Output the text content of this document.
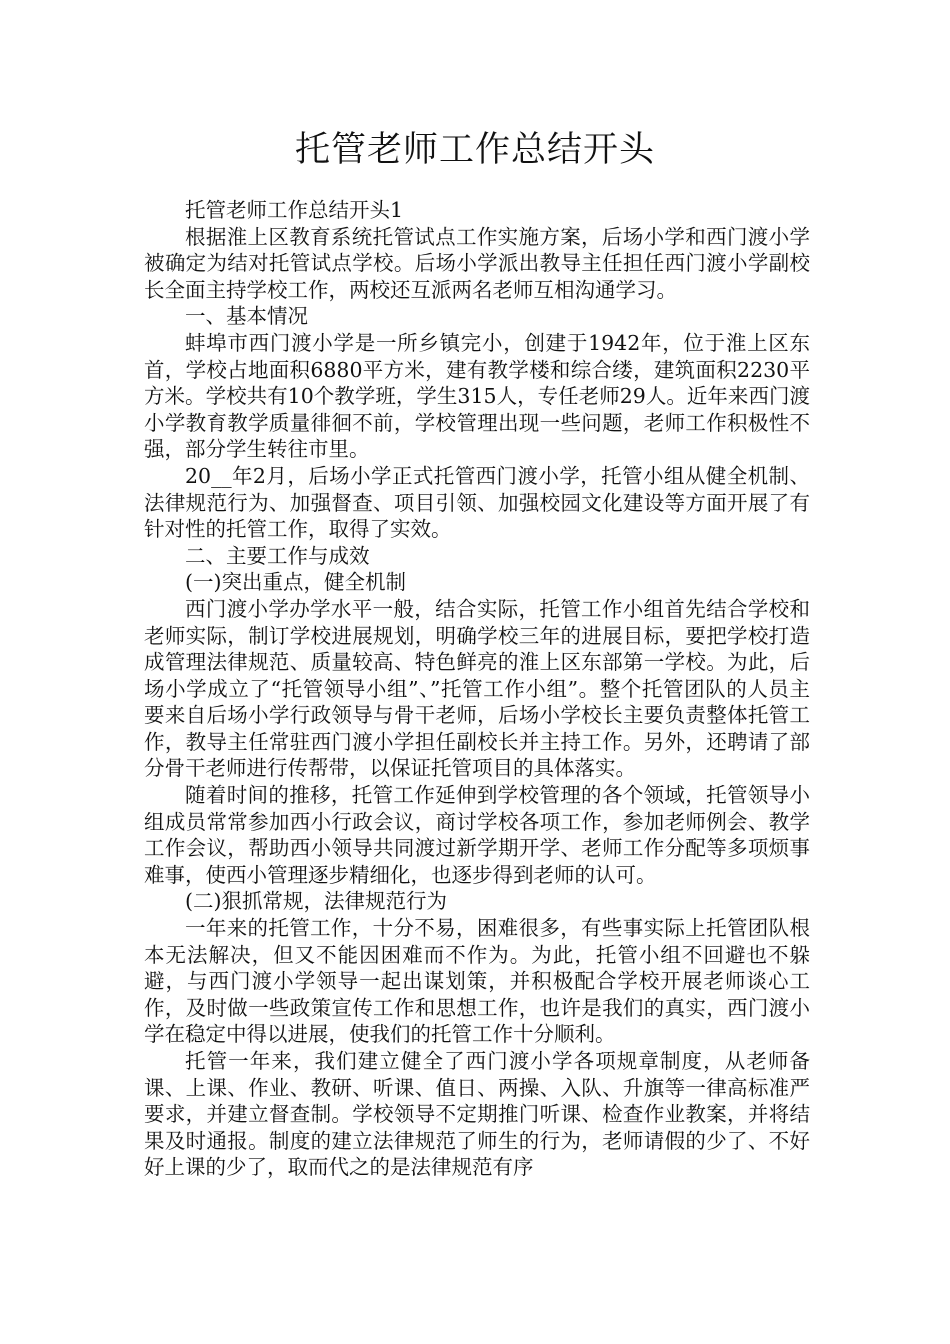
托管老师工作总结开头

托管老师工作总结开头1

根据淮上区教育系统托管试点工作实施方案，后场小学和西门渡小学被确定为结对托管试点学校。后场小学派出教导主任担任西门渡小学副校长全面主持学校工作，两校还互派两名老师互相沟通学习。

一、基本情况

蚌埠市西门渡小学是一所乡镇完小，创建于1942年，位于淮上区东首，学校占地面积6880平方米，建有教学楼和综合缕，建筑面积2230平方米。学校共有10个教学班，学生315人，专任老师29人。近年来西门渡小学教育教学质量徘徊不前，学校管理出现一些问题，老师工作积极性不强，部分学生转往市里。

20__年2月，后场小学正式托管西门渡小学，托管小组从健全机制、法律规范行为、加强督查、项目引领、加强校园文化建设等方面开展了有针对性的托管工作，取得了实效。

二、主要工作与成效

(一)突出重点，健全机制

西门渡小学办学水平一般，结合实际，托管工作小组首先结合学校和老师实际，制订学校进展规划，明确学校三年的进展目标，要把学校打造成管理法律规范、质量较高、特色鲜亮的淮上区东部第一学校。为此，后场小学成立了“托管领导小组”、”托管工作小组”。整个托管团队的人员主要来自后场小学行政领导与骨干老师，后场小学校长主要负责整体托管工作，教导主任常驻西门渡小学担任副校长并主持工作。另外，还聘请了部分骨干老师进行传帮带，以保证托管项目的具体落实。

随着时间的推移，托管工作延伸到学校管理的各个领域，托管领导小组成员常常参加西小行政会议，商讨学校各项工作，参加老师例会、教学工作会议，帮助西小领导共同渡过新学期开学、老师工作分配等多项烦事难事，使西小管理逐步精细化，也逐步得到老师的认可。

(二)狠抓常规，法律规范行为

一年来的托管工作，十分不易，困难很多，有些事实际上托管团队根本无法解决，但又不能因困难而不作为。为此，托管小组不回避也不躲避，与西门渡小学领导一起出谋划策，并积极配合学校开展老师谈心工作，及时做一些政策宣传工作和思想工作，也许是我们的真实，西门渡小学在稳定中得以进展，使我们的托管工作十分顺利。

托管一年来，我们建立健全了西门渡小学各项规章制度，从老师备课、上课、作业、教研、听课、值日、两操、入队、升旗等一律高标准严要求，并建立督查制。学校领导不定期推门听课、检查作业教案，并将结果及时通报。制度的建立法律规范了师生的行为，老师请假的少了、不好好上课的少了，取而代之的是法律规范有序
